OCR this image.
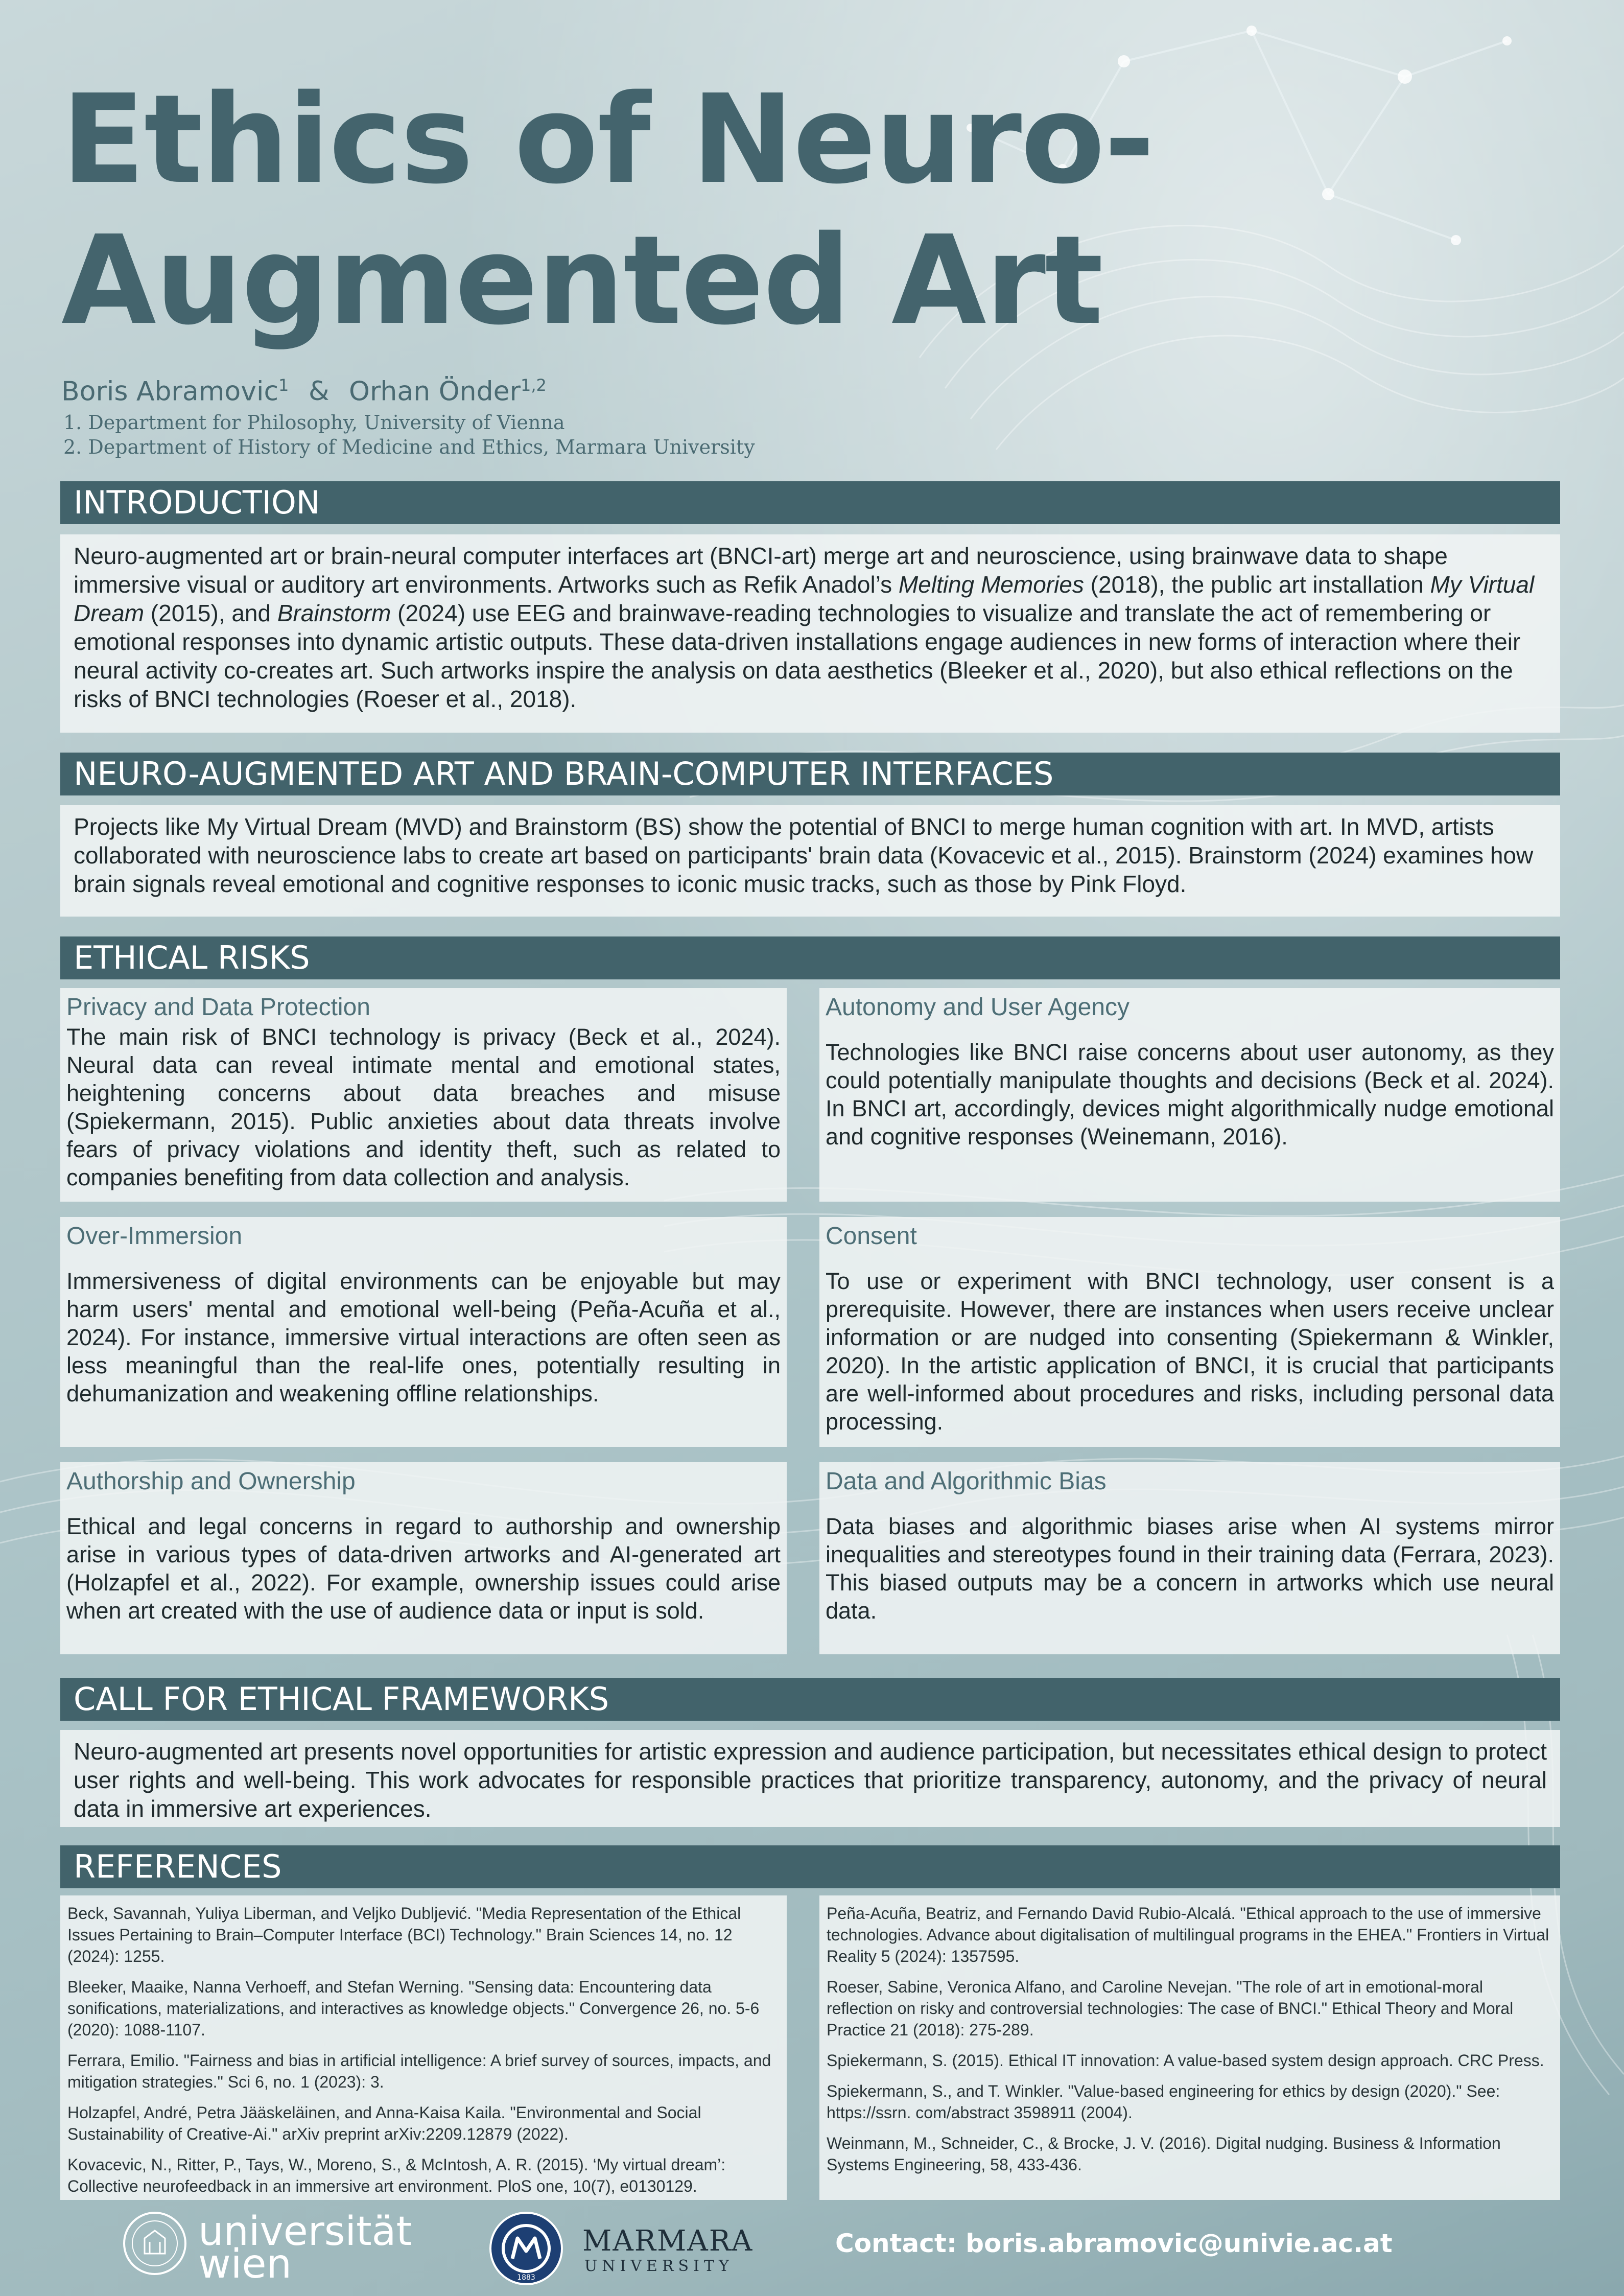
Ethics of Neuro-
Augmented Art
Boris Abramovic$^1$ & Orhan Önder$^{1,2}$
1. Department for Philosophy, University of Vienna
2. Department of History of Medicine and Ethics, Marmara University
INTRODUCTION

Neuro-augmented art or brain-neural computer interfaces art (BNCI-art) merge art and neuroscience, using brainwave data to shape immersive visual or auditory art environments. Artworks such as Refik Anadol’s Melting Memories (2018), the public art installation My Virtual Dream (2015), and Brainstorm (2024) use EEG and brainwave-reading technologies to visualize and translate the act of remembering or emotional responses into dynamic artistic outputs. These data-driven installations engage audiences in new forms of interaction where their neural activity co-creates art. Such artworks inspire the analysis on data aesthetics (Bleeker et al., 2020), but also ethical reflections on the risks of BNCI technologies (Roeser et al., 2018).

NEURO-AUGMENTED ART AND BRAIN-COMPUTER INTERFACES

Projects like My Virtual Dream (MVD) and Brainstorm (BS) show the potential of BNCI to merge human cognition with art. In MVD, artists collaborated with neuroscience labs to create art based on participants' brain data (Kovacevic et al., 2015). Brainstorm (2024) examines how brain signals reveal emotional and cognitive responses to iconic music tracks, such as those by Pink Floyd.

ETHICAL RISKS

Privacy and Data Protection

The main risk of BNCI technology is privacy (Beck et al., 2024). Neural data can reveal intimate mental and emotional states, heightening concerns about data breaches and misuse (Spiekermann, 2015). Public anxieties about data threats involve fears of privacy violations and identity theft, such as related to companies benefiting from data collection and analysis.

Autonomy and User Agency

Technologies like BNCI raise concerns about user autonomy, as they could potentially manipulate thoughts and decisions (Beck et al. 2024). In BNCI art, accordingly, devices might algorithmically nudge emotional and cognitive responses (Weinemann, 2016).

Over-Immersion

Immersiveness of digital environments can be enjoyable but may harm users' mental and emotional well-being (Peña-Acuña et al., 2024). For instance, immersive virtual interactions are often seen as less meaningful than the real-life ones, potentially resulting in dehumanization and weakening offline relationships.

Consent

To use or experiment with BNCI technology, user consent is a prerequisite. However, there are instances when users receive unclear information or are nudged into consenting (Spiekermann & Winkler, 2020). In the artistic application of BNCI, it is crucial that participants are well-informed about procedures and risks, including personal data processing.

Authorship and Ownership

Ethical and legal concerns in regard to authorship and ownership arise in various types of data-driven artworks and AI-generated art (Holzapfel et al., 2022). For example, ownership issues could arise when art created with the use of audience data or input is sold.

Data and Algorithmic Bias

Data biases and algorithmic biases arise when AI systems mirror inequalities and stereotypes found in their training data (Ferrara, 2023). This biased outputs may be a concern in artworks which use neural data.

CALL FOR ETHICAL FRAMEWORKS

Neuro-augmented art presents novel opportunities for artistic expression and audience participation, but necessitates ethical design to protect user rights and well-being. This work advocates for responsible practices that prioritize transparency, autonomy, and the privacy of neural data in immersive art experiences.

REFERENCES

Beck, Savannah, Yuliya Liberman, and Veljko Dubljević. "Media Representation of the Ethical Issues Pertaining to Brain–Computer Interface (BCI) Technology." Brain Sciences 14, no. 12 (2024): 1255.

Bleeker, Maaike, Nanna Verhoeff, and Stefan Werning. "Sensing data: Encountering data sonifications, materializations, and interactives as knowledge objects." Convergence 26, no. 5-6 (2020): 1088-1107.

Ferrara, Emilio. "Fairness and bias in artificial intelligence: A brief survey of sources, impacts, and mitigation strategies." Sci 6, no. 1 (2023): 3.

Holzapfel, André, Petra Jääskeläinen, and Anna-Kaisa Kaila. "Environmental and Social Sustainability of Creative-Ai." arXiv preprint arXiv:2209.12879 (2022).

Kovacevic, N., Ritter, P., Tays, W., Moreno, S., & McIntosh, A. R. (2015). ‘My virtual dream’: Collective neurofeedback in an immersive art environment. PloS one, 10(7), e0130129.

Peña-Acuña, Beatriz, and Fernando David Rubio-Alcalá. "Ethical approach to the use of immersive technologies. Advance about digitalisation of multilingual programs in the EHEA." Frontiers in Virtual Reality 5 (2024): 1357595.

Roeser, Sabine, Veronica Alfano, and Caroline Nevejan. "The role of art in emotional-moral reflection on risky and controversial technologies: The case of BNCI." Ethical Theory and Moral Practice 21 (2018): 275-289.

Spiekermann, S. (2015). Ethical IT innovation: A value-based system design approach. CRC Press.

Spiekermann, S., and T. Winkler. "Value-based engineering for ethics by design (2020)." See: https://ssrn. com/abstract 3598911 (2004).

Weinmann, M., Schneider, C., & Brocke, J. V. (2016). Digital nudging. Business & Information Systems Engineering, 58, 433-436.

universität
wien	1883
MARMARA
UNIVERSITY
Contact: boris.abramovic@univie.ac.at
